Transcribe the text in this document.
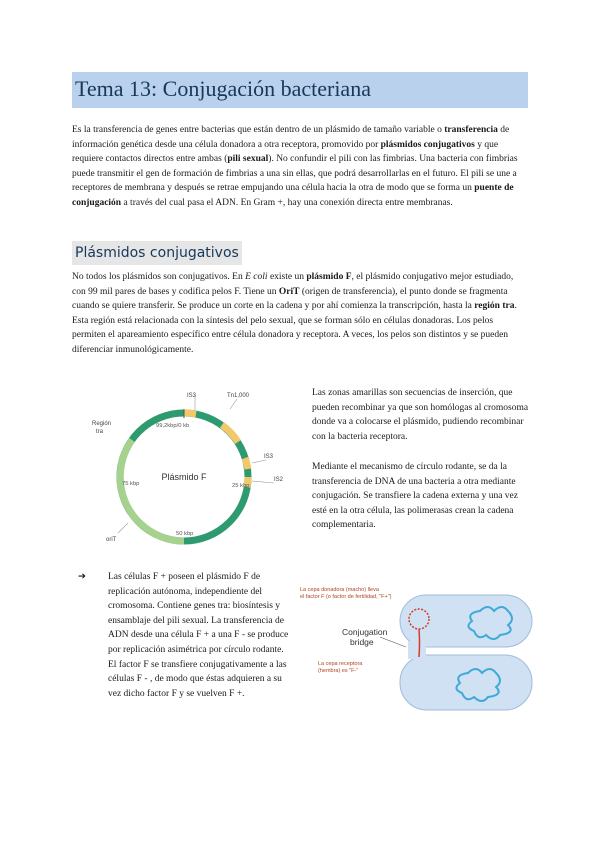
Tema 13: Conjugación bacteriana

Es la transferencia de genes entre bacterias que están dentro de un plásmido de tamaño variable o transferencia de información genética desde una célula donadora a otra receptora, promovido por plásmidos conjugativos y que requiere contactos directos entre ambas (pili sexual). No confundir el pili con las fimbrias. Una bacteria con fimbrias puede transmitir el gen de formación de fimbrias a una sin ellas, que podrá desarrollarlas en el futuro. El pili se une a receptores de membrana y después se retrae empujando una célula hacia la otra de modo que se forma un puente de conjugación a través del cual pasa el ADN. En Gram +, hay una conexión directa entre membranas.

Plásmidos conjugativos

No todos los plásmidos son conjugativos. En E coli existe un plásmido F, el plásmido conjugativo mejor estudiado, con 99 mil pares de bases y codifica pelos F. Tiene un OriT (origen de transferencia), el punto donde se fragmenta cuando se quiere transferir. Se produce un corte en la cadena y por ahí comienza la transcripción, hasta la región tra. Esta región está relacionada con la síntesis del pelo sexual, que se forman sólo en células donadoras. Los pelos permiten el apareamiento específico entre célula donadora y receptora. A veces, los pelos son distintos y se pueden diferenciar inmunológicamente.

IS3	Tn1,000
IS3
IS2
99,2kbp/0 kb
25 kbp
50 kbp
75 kbp
Región
tra
oriT
Plásmido F

Las zonas amarillas son secuencias de inserción, que pueden recombinar ya que son homólogas al cromosoma donde va a colocarse el plásmido, pudiendo recombinar con la bacteria receptora.

Mediante el mecanismo de círculo rodante, se da la transferencia de DNA de una bacteria a otra mediante conjugación. Se transfiere la cadena externa y una vez esté en la otra célula, las polimerasas crean la cadena complementaria.

➔	Las células F + poseen el plásmido F de replicación autónoma, independiente del cromosoma. Contiene genes tra: biosíntesis y ensamblaje del pili sexual. La transferencia de ADN desde una célula F + a una F - se produce por replicación asimétrica por círculo rodante. El factor F se transfiere conjugativamente a las células F - , de modo que éstas adquieren a su vez dicho factor F y se vuelven F +.
La cepa donadora (macho) lleva
el factor F (o factor de fertilidad, "F+")
Conjugation
bridge
La cepa receptora
(hembra) es "F-"
